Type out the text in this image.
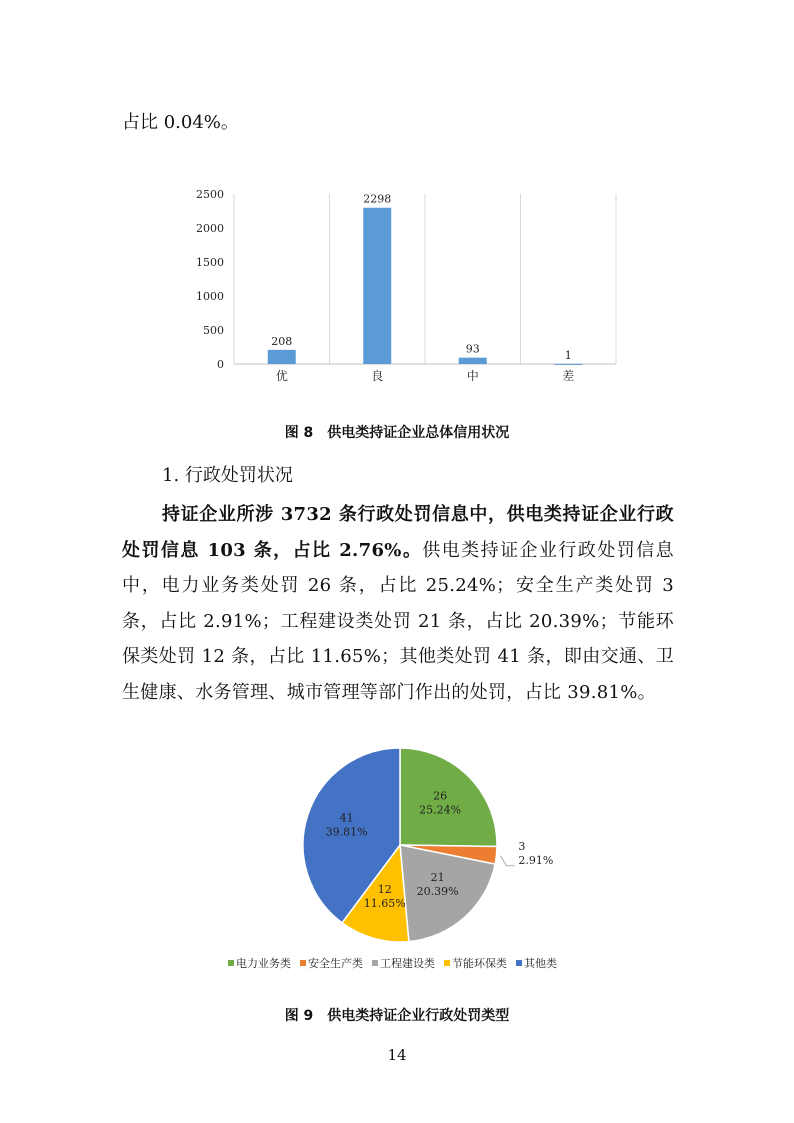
占比 0.04%。
208
2298
93	1
优	良	中	差
0
500
1000
1500
2000
2500
图 8　供电类持证企业总体信用状况
1. 行政处罚状况
持证企业所涉 3732 条行政处罚信息中，供电类持证企业行政处罚信息 103 条，占比 2.76%。供电类持证企业行政处罚信息中，电力业务类处罚 26 条，占比 25.24%；安全生产类处罚 3 条，占比 2.91%；工程建设类处罚 21 条，占比 20.39%；节能环保类处罚 12 条，占比 11.65%；其他类处罚 41 条，即由交通、卫生健康、水务管理、城市管理等部门作出的处罚，占比 39.81%。
26
25.24%
3
2.91%
21
20.39%
12
11.65%
41
39.81%
电力业务类 安全生产类 工程建设类 节能环保类 其他类
图 9　供电类持证企业行政处罚类型
14
